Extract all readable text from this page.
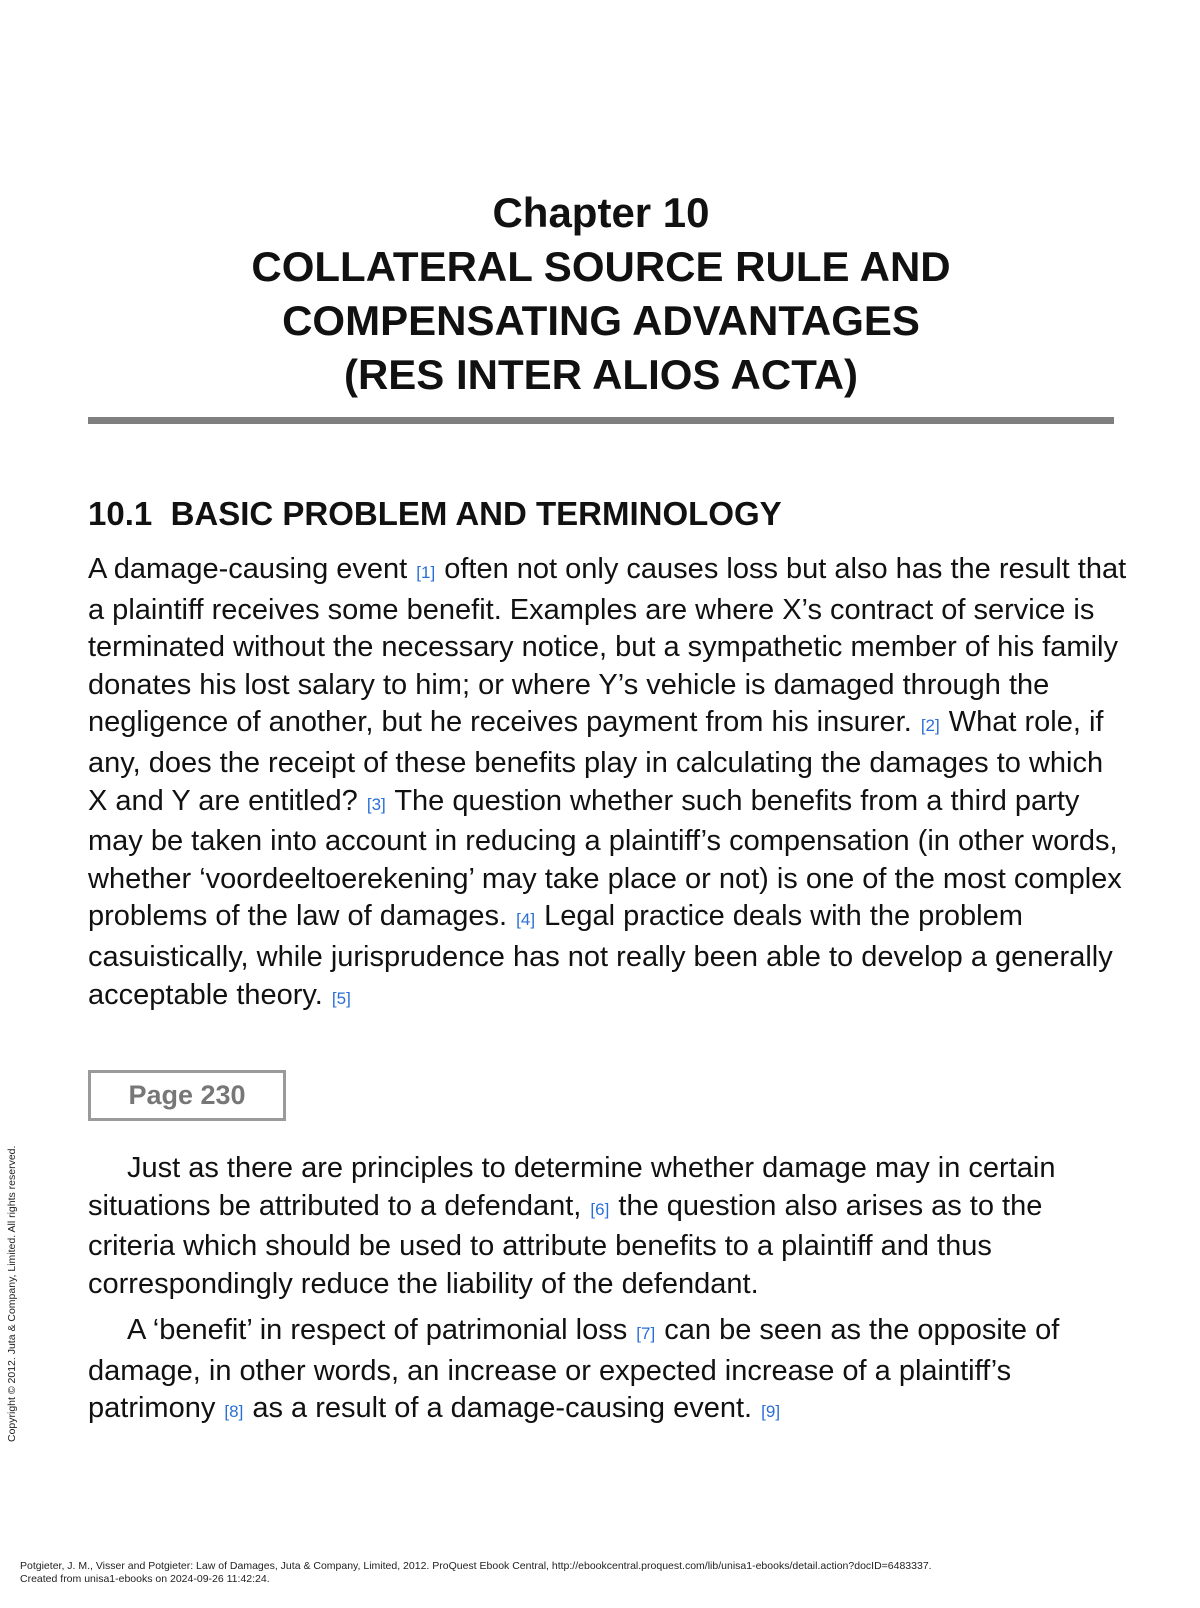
Chapter 10
COLLATERAL SOURCE RULE AND
COMPENSATING ADVANTAGES
(RES INTER ALIOS ACTA)
10.1  BASIC PROBLEM AND TERMINOLOGY

A damage-causing event [1] often not only causes loss but also has the result that a plaintiff receives some benefit. Examples are where X’s contract of service is terminated without the necessary notice, but a sympathetic member of his family donates his lost salary to him; or where Y’s vehicle is damaged through the negligence of another, but he receives payment from his insurer. [2] What role, if any, does the receipt of these benefits play in calculating the damages to which X and Y are entitled? [3] The question whether such benefits from a third party may be taken into account in reducing a plaintiff’s compensation (in other words, whether ‘voordeeltoerekening’ may take place or not) is one of the most complex problems of the law of damages. [4] Legal practice deals with the problem casuistically, while jurisprudence has not really been able to develop a generally acceptable theory. [5]

Page 230

Just as there are principles to determine whether damage may in certain situations be attributed to a defendant, [6] the question also arises as to the criteria which should be used to attribute benefits to a plaintiff and thus correspondingly reduce the liability of the defendant.

A ‘benefit’ in respect of patrimonial loss [7] can be seen as the opposite of damage, in other words, an increase or expected increase of a plaintiff’s patrimony [8] as a result of a damage-causing event. [9]

Copyright © 2012. Juta & Company, Limited. All rights reserved.
Potgieter, J. M., Visser and Potgieter: Law of Damages, Juta & Company, Limited, 2012. ProQuest Ebook Central, http://ebookcentral.proquest.com/lib/unisa1-ebooks/detail.action?docID=6483337.
Created from unisa1-ebooks on 2024-09-26 11:42:24.
